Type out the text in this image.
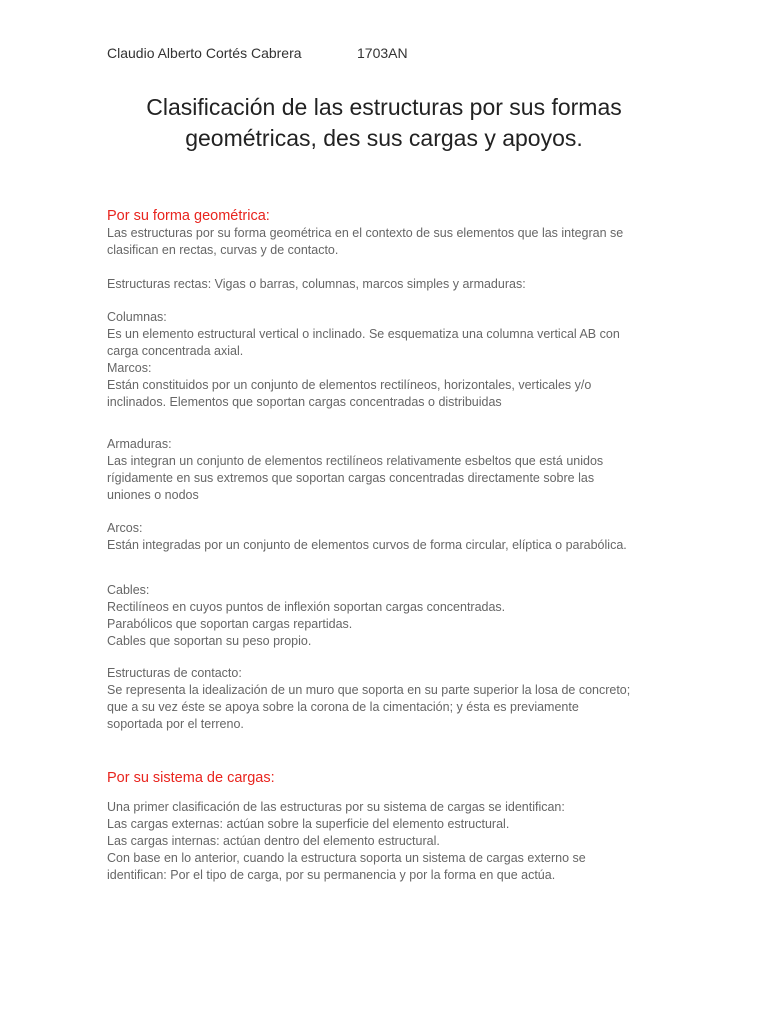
Claudio Alberto Cortés Cabrera	1703AN
Clasificación de las estructuras por sus formas
geométricas, des sus cargas y apoyos.
Por su forma geométrica:

Las estructuras por su forma geométrica en el contexto de sus elementos que las integran se
clasifican en rectas, curvas y de contacto.

Estructuras rectas: Vigas o barras, columnas, marcos simples y armaduras:

Columnas:
Es un elemento estructural vertical o inclinado. Se esquematiza una columna vertical AB con
carga concentrada axial.
Marcos:
Están constituidos por un conjunto de elementos rectilíneos, horizontales, verticales y/o
inclinados. Elementos que soportan cargas concentradas o distribuidas

Armaduras:
Las integran un conjunto de elementos rectilíneos relativamente esbeltos que está unidos
rígidamente en sus extremos que soportan cargas concentradas directamente sobre las
uniones o nodos

Arcos:
Están integradas por un conjunto de elementos curvos de forma circular, elíptica o parabólica.

Cables:
Rectilíneos en cuyos puntos de inflexión soportan cargas concentradas.
Parabólicos que soportan cargas repartidas.
Cables que soportan su peso propio.

Estructuras de contacto:
Se representa la idealización de un muro que soporta en su parte superior la losa de concreto;
que a su vez éste se apoya sobre la corona de la cimentación; y ésta es previamente
soportada por el terreno.

Por su sistema de cargas:

Una primer clasificación de las estructuras por su sistema de cargas se identifican:
Las cargas externas: actúan sobre la superficie del elemento estructural.
Las cargas internas: actúan dentro del elemento estructural.
Con base en lo anterior, cuando la estructura soporta un sistema de cargas externo se
identifican: Por el tipo de carga, por su permanencia y por la forma en que actúa.
